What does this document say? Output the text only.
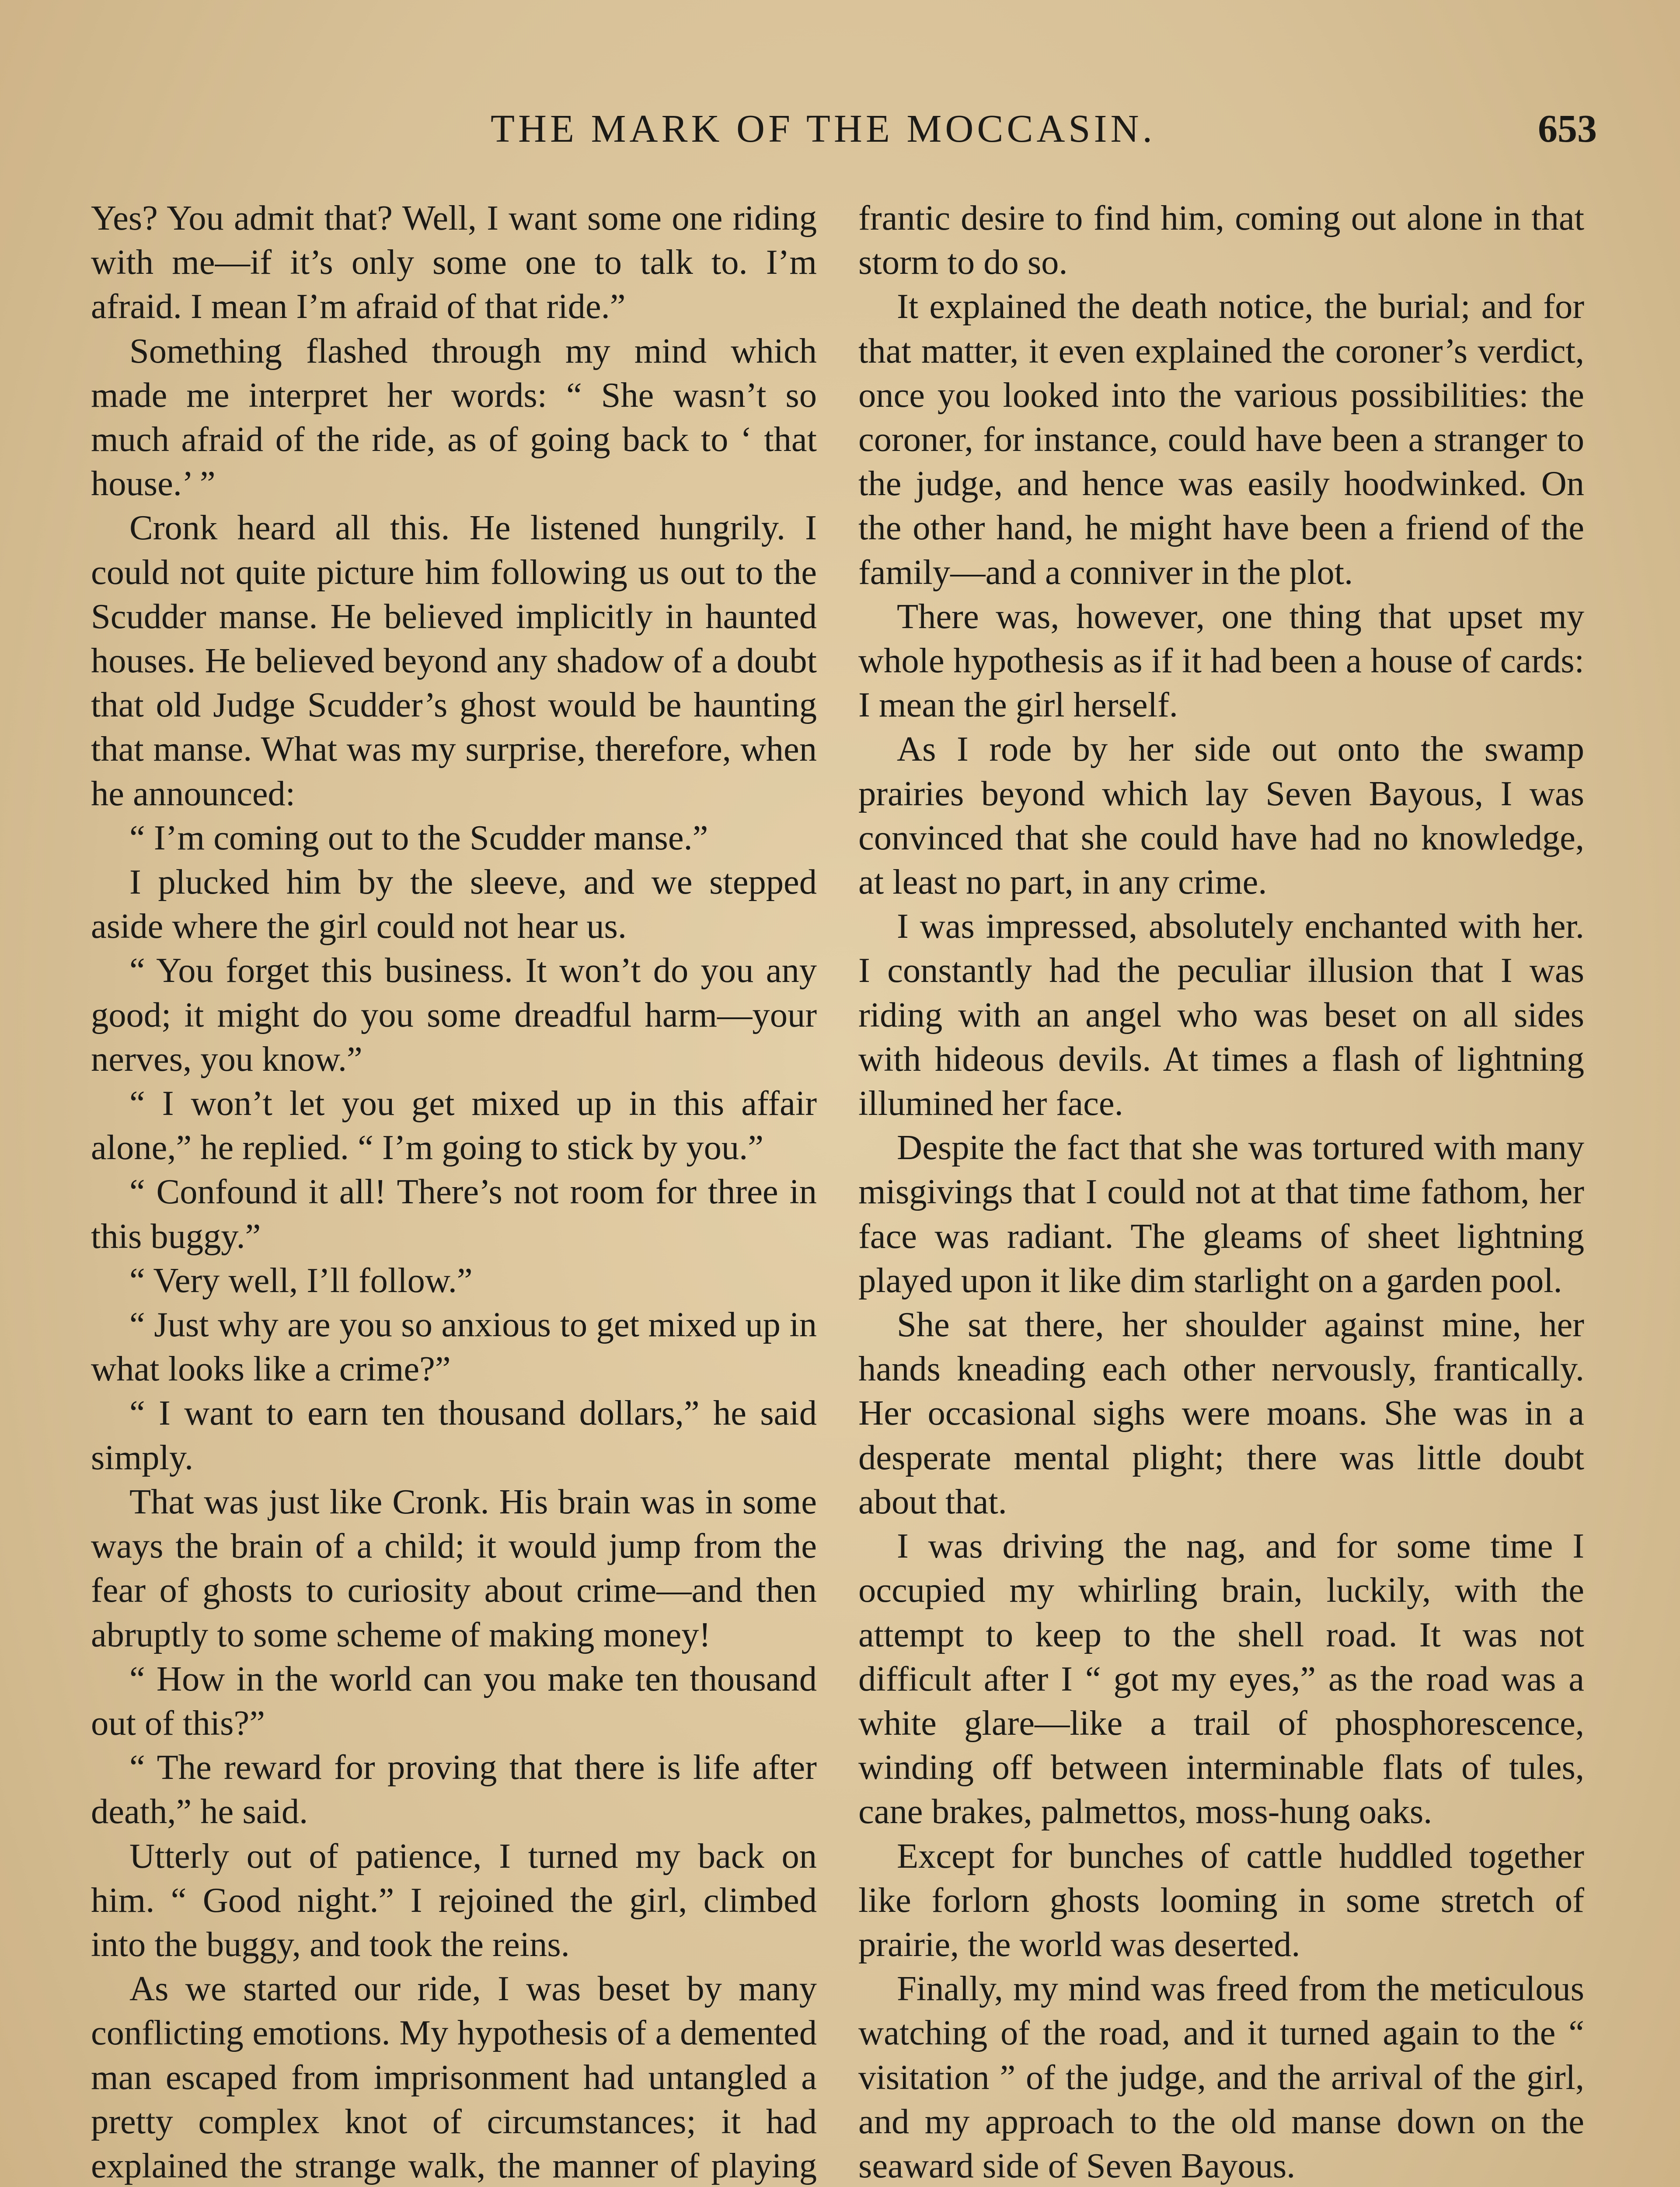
THE MARK OF THE MOCCASIN.	653

Yes? You admit that? Well, I want some one riding with me—if it’s only some one to talk to. I’m afraid. I mean I’m afraid of that ride.”

Something flashed through my mind which made me interpret her words: “ She wasn’t so much afraid of the ride, as of going back to ‘ that house.’ ”

Cronk heard all this. He listened hungrily. I could not quite picture him following us out to the Scudder manse. He believed implicitly in haunted houses. He believed beyond any shadow of a doubt that old Judge Scudder’s ghost would be haunting that manse. What was my surprise, therefore, when he announced:

“ I’m coming out to the Scudder manse.”

I plucked him by the sleeve, and we stepped aside where the girl could not hear us.

“ You forget this business. It won’t do you any good; it might do you some dreadful harm—your nerves, you know.”

“ I won’t let you get mixed up in this affair alone,” he replied. “ I’m going to stick by you.”

“ Confound it all! There’s not room for three in this buggy.”

“ Very well, I’ll follow.”

“ Just why are you so anxious to get mixed up in what looks like a crime?”

“ I want to earn ten thousand dollars,” he said simply.

That was just like Cronk. His brain was in some ways the brain of a child; it would jump from the fear of ghosts to curiosity about crime—and then abruptly to some scheme of making money!

“ How in the world can you make ten thousand out of this?”

“ The reward for proving that there is life after death,” he said.

Utterly out of patience, I turned my back on him. “ Good night.” I rejoined the girl, climbed into the buggy, and took the reins.

As we started our ride, I was beset by many conflicting emotions. My hypothesis of a demented man escaped from imprisonment had untangled a pretty complex knot of circumstances; it had explained the strange walk, the manner of playing

frantic desire to find him, coming out alone in that storm to do so.

It explained the death notice, the burial; and for that matter, it even explained the coroner’s verdict, once you looked into the various possibilities: the coroner, for instance, could have been a stranger to the judge, and hence was easily hoodwinked. On the other hand, he might have been a friend of the family—and a conniver in the plot.

There was, however, one thing that upset my whole hypothesis as if it had been a house of cards: I mean the girl herself.

As I rode by her side out onto the swamp prairies beyond which lay Seven Bayous, I was convinced that she could have had no knowledge, at least no part, in any crime.

I was impressed, absolutely enchanted with her. I constantly had the peculiar illusion that I was riding with an angel who was beset on all sides with hideous devils. At times a flash of lightning illumined her face.

Despite the fact that she was tortured with many misgivings that I could not at that time fathom, her face was radiant. The gleams of sheet lightning played upon it like dim starlight on a garden pool.

She sat there, her shoulder against mine, her hands kneading each other nervously, frantically. Her occasional sighs were moans. She was in a desperate mental plight; there was little doubt about that.

I was driving the nag, and for some time I occupied my whirling brain, luckily, with the attempt to keep to the shell road. It was not difficult after I “ got my eyes,” as the road was a white glare—like a trail of phosphorescence, winding off between interminable flats of tules, cane brakes, palmettos, moss-hung oaks.

Except for bunches of cattle huddled together like forlorn ghosts looming in some stretch of prairie, the world was deserted.

Finally, my mind was freed from the meticulous watching of the road, and it turned again to the “ visitation ” of the judge, and the arrival of the girl, and my approach to the old manse down on the seaward side of Seven Bayous.
